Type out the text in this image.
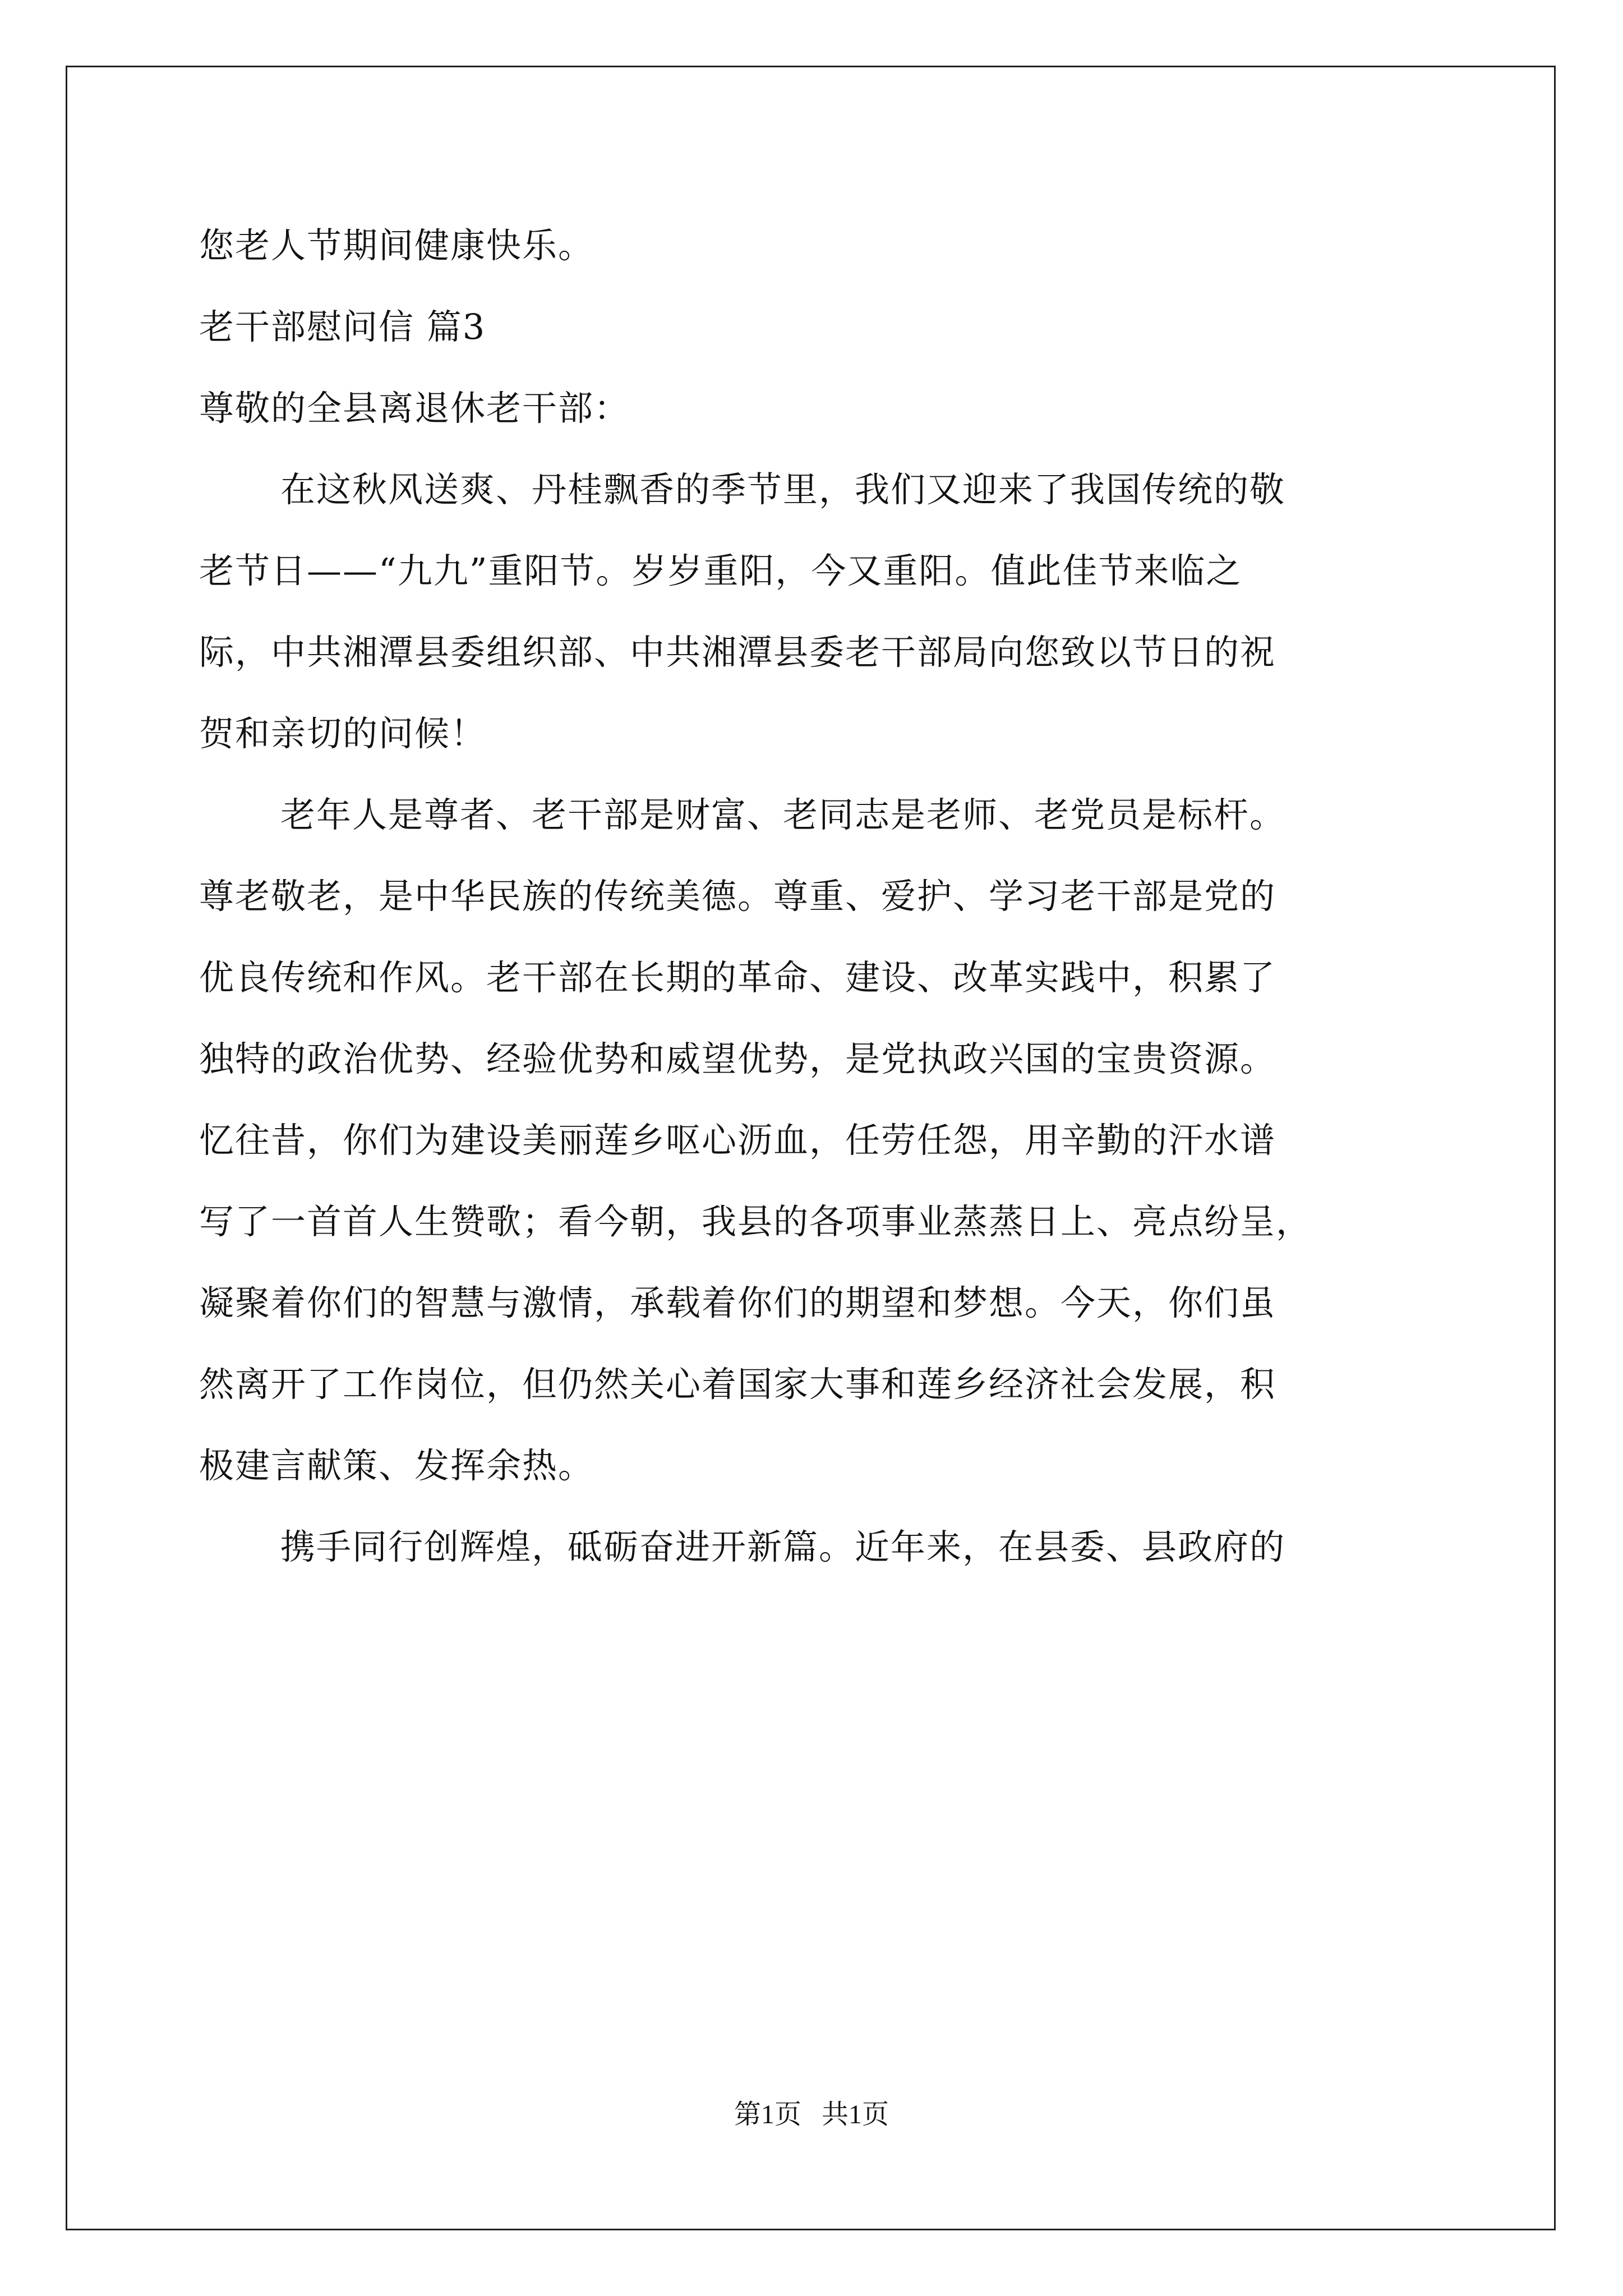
您老人节期间健康快乐。
老干部慰问信 篇3
尊敬的全县离退休老干部：
在这秋风送爽、丹桂飘香的季节里，我们又迎来了我国传统的敬
老节日——“九九”重阳节。岁岁重阳，今又重阳。值此佳节来临之
际，中共湘潭县委组织部、中共湘潭县委老干部局向您致以节日的祝
贺和亲切的问候！
老年人是尊者、老干部是财富、老同志是老师、老党员是标杆。
尊老敬老，是中华民族的传统美德。尊重、爱护、学习老干部是党的
优良传统和作风。老干部在长期的革命、建设、改革实践中，积累了
独特的政治优势、经验优势和威望优势，是党执政兴国的宝贵资源。
忆往昔，你们为建设美丽莲乡呕心沥血，任劳任怨，用辛勤的汗水谱
写了一首首人生赞歌；看今朝，我县的各项事业蒸蒸日上、亮点纷呈，
凝聚着你们的智慧与激情，承载着你们的期望和梦想。今天，你们虽
然离开了工作岗位，但仍然关心着国家大事和莲乡经济社会发展，积
极建言献策、发挥余热。
携手同行创辉煌，砥砺奋进开新篇。近年来，在县委、县政府的
第1页 共1页
